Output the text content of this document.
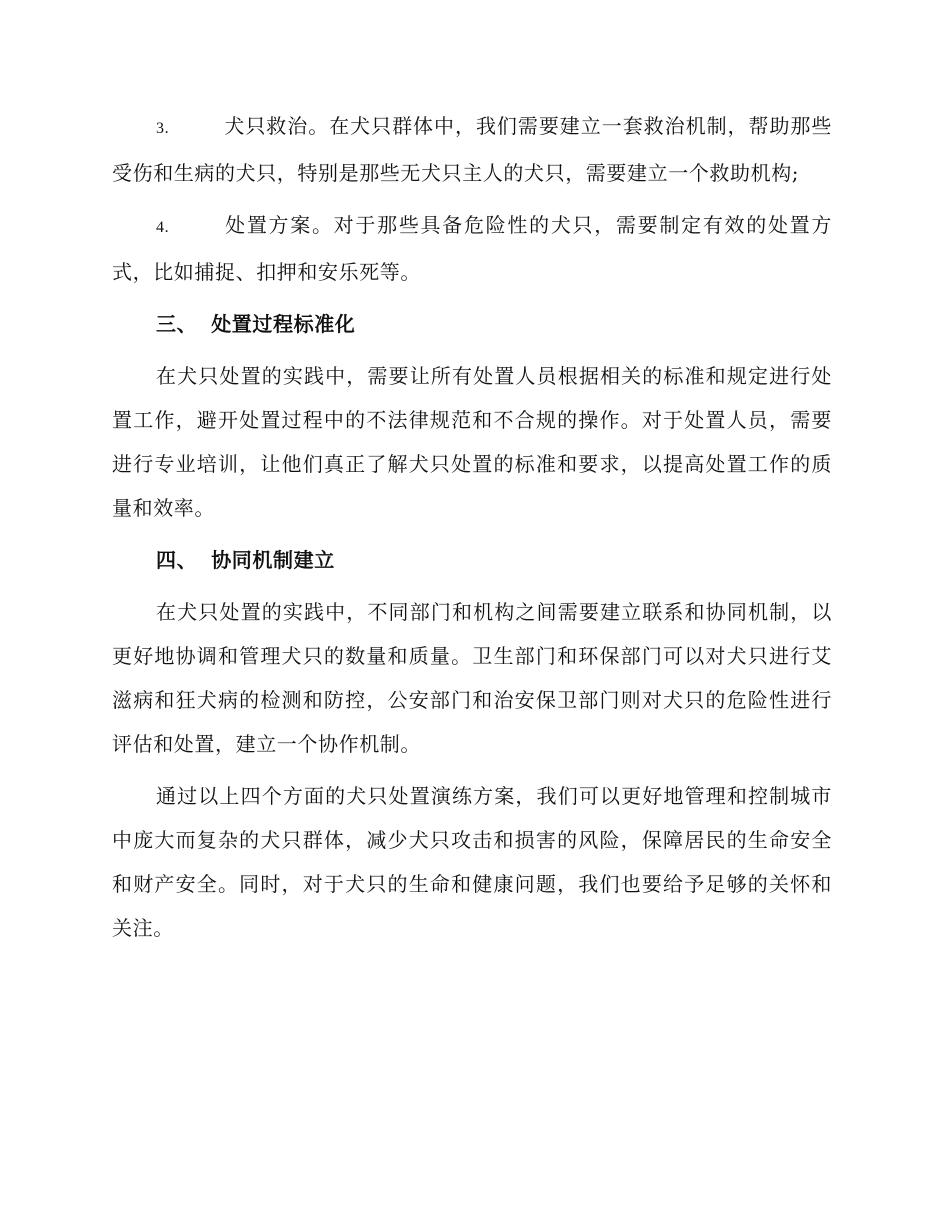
3.	犬只救治。在犬只群体中，我们需要建立一套救治机制，帮助那些受伤和生病的犬只，特别是那些无犬只主人的犬只，需要建立一个救助机构;

4.	处置方案。对于那些具备危险性的犬只，需要制定有效的处置方式，比如捕捉、扣押和安乐死等。

三、 处置过程标准化

在犬只处置的实践中，需要让所有处置人员根据相关的标准和规定进行处置工作，避开处置过程中的不法律规范和不合规的操作。对于处置人员，需要进行专业培训，让他们真正了解犬只处置的标准和要求，以提高处置工作的质量和效率。

四、 协同机制建立

在犬只处置的实践中，不同部门和机构之间需要建立联系和协同机制，以更好地协调和管理犬只的数量和质量。卫生部门和环保部门可以对犬只进行艾滋病和狂犬病的检测和防控，公安部门和治安保卫部门则对犬只的危险性进行评估和处置，建立一个协作机制。

通过以上四个方面的犬只处置演练方案，我们可以更好地管理和控制城市中庞大而复杂的犬只群体，减少犬只攻击和损害的风险，保障居民的生命安全和财产安全。同时，对于犬只的生命和健康问题，我们也要给予足够的关怀和关注。
